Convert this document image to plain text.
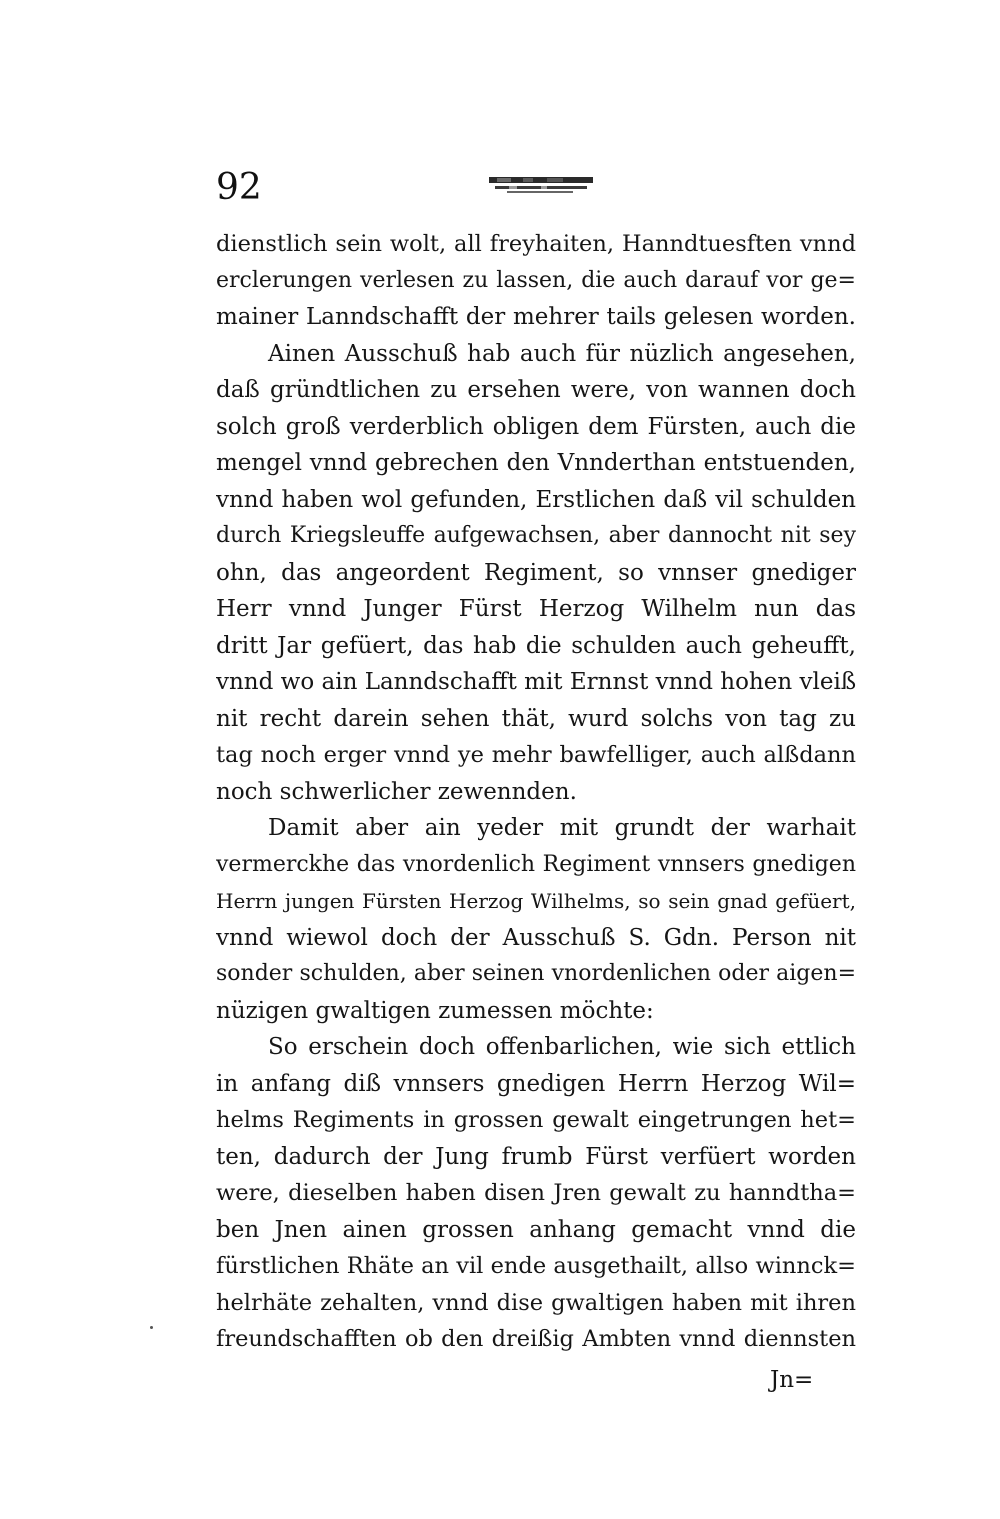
92
dienstlich sein wolt, all freyhaiten, Hanndtuesften vnnd
erclerungen verlesen zu lassen, die auch darauf vor ge=
mainer Lanndschafft der mehrer tails gelesen worden.
Ainen Ausschuß hab auch für nüzlich angesehen,
daß gründtlichen zu ersehen were, von wannen doch
solch groß verderblich obligen dem Fürsten, auch die
mengel vnnd gebrechen den Vnnderthan entstuenden,
vnnd haben wol gefunden, Erstlichen daß vil schulden
durch Kriegsleuffe aufgewachsen, aber dannocht nit sey
ohn, das angeordent Regiment, so vnnser gnediger
Herr vnnd Junger Fürst Herzog Wilhelm nun das
dritt Jar gefüert, das hab die schulden auch geheufft,
vnnd wo ain Lanndschafft mit Ernnst vnnd hohen vleiß
nit recht darein sehen thät, wurd solchs von tag zu
tag noch erger vnnd ye mehr bawfelliger, auch alßdann
noch schwerlicher zewennden.
Damit aber ain yeder mit grundt der warhait
vermerckhe das vnordenlich Regiment vnnsers gnedigen
Herrn jungen Fürsten Herzog Wilhelms, so sein gnad gefüert,
vnnd wiewol doch der Ausschuß S. Gdn. Person nit
sonder schulden, aber seinen vnordenlichen oder aigen=
nüzigen gwaltigen zumessen möchte:
So erschein doch offenbarlichen, wie sich ettlich
in anfang diß vnnsers gnedigen Herrn Herzog Wil=
helms Regiments in grossen gewalt eingetrungen het=
ten, dadurch der Jung frumb Fürst verfüert worden
were, dieselben haben disen Jren gewalt zu hanndtha=
ben Jnen ainen grossen anhang gemacht vnnd die
fürstlichen Rhäte an vil ende ausgethailt, allso winnck=
helrhäte zehalten, vnnd dise gwaltigen haben mit ihren
freundschafften ob den dreißig Ambten vnnd diennsten
Jn=
